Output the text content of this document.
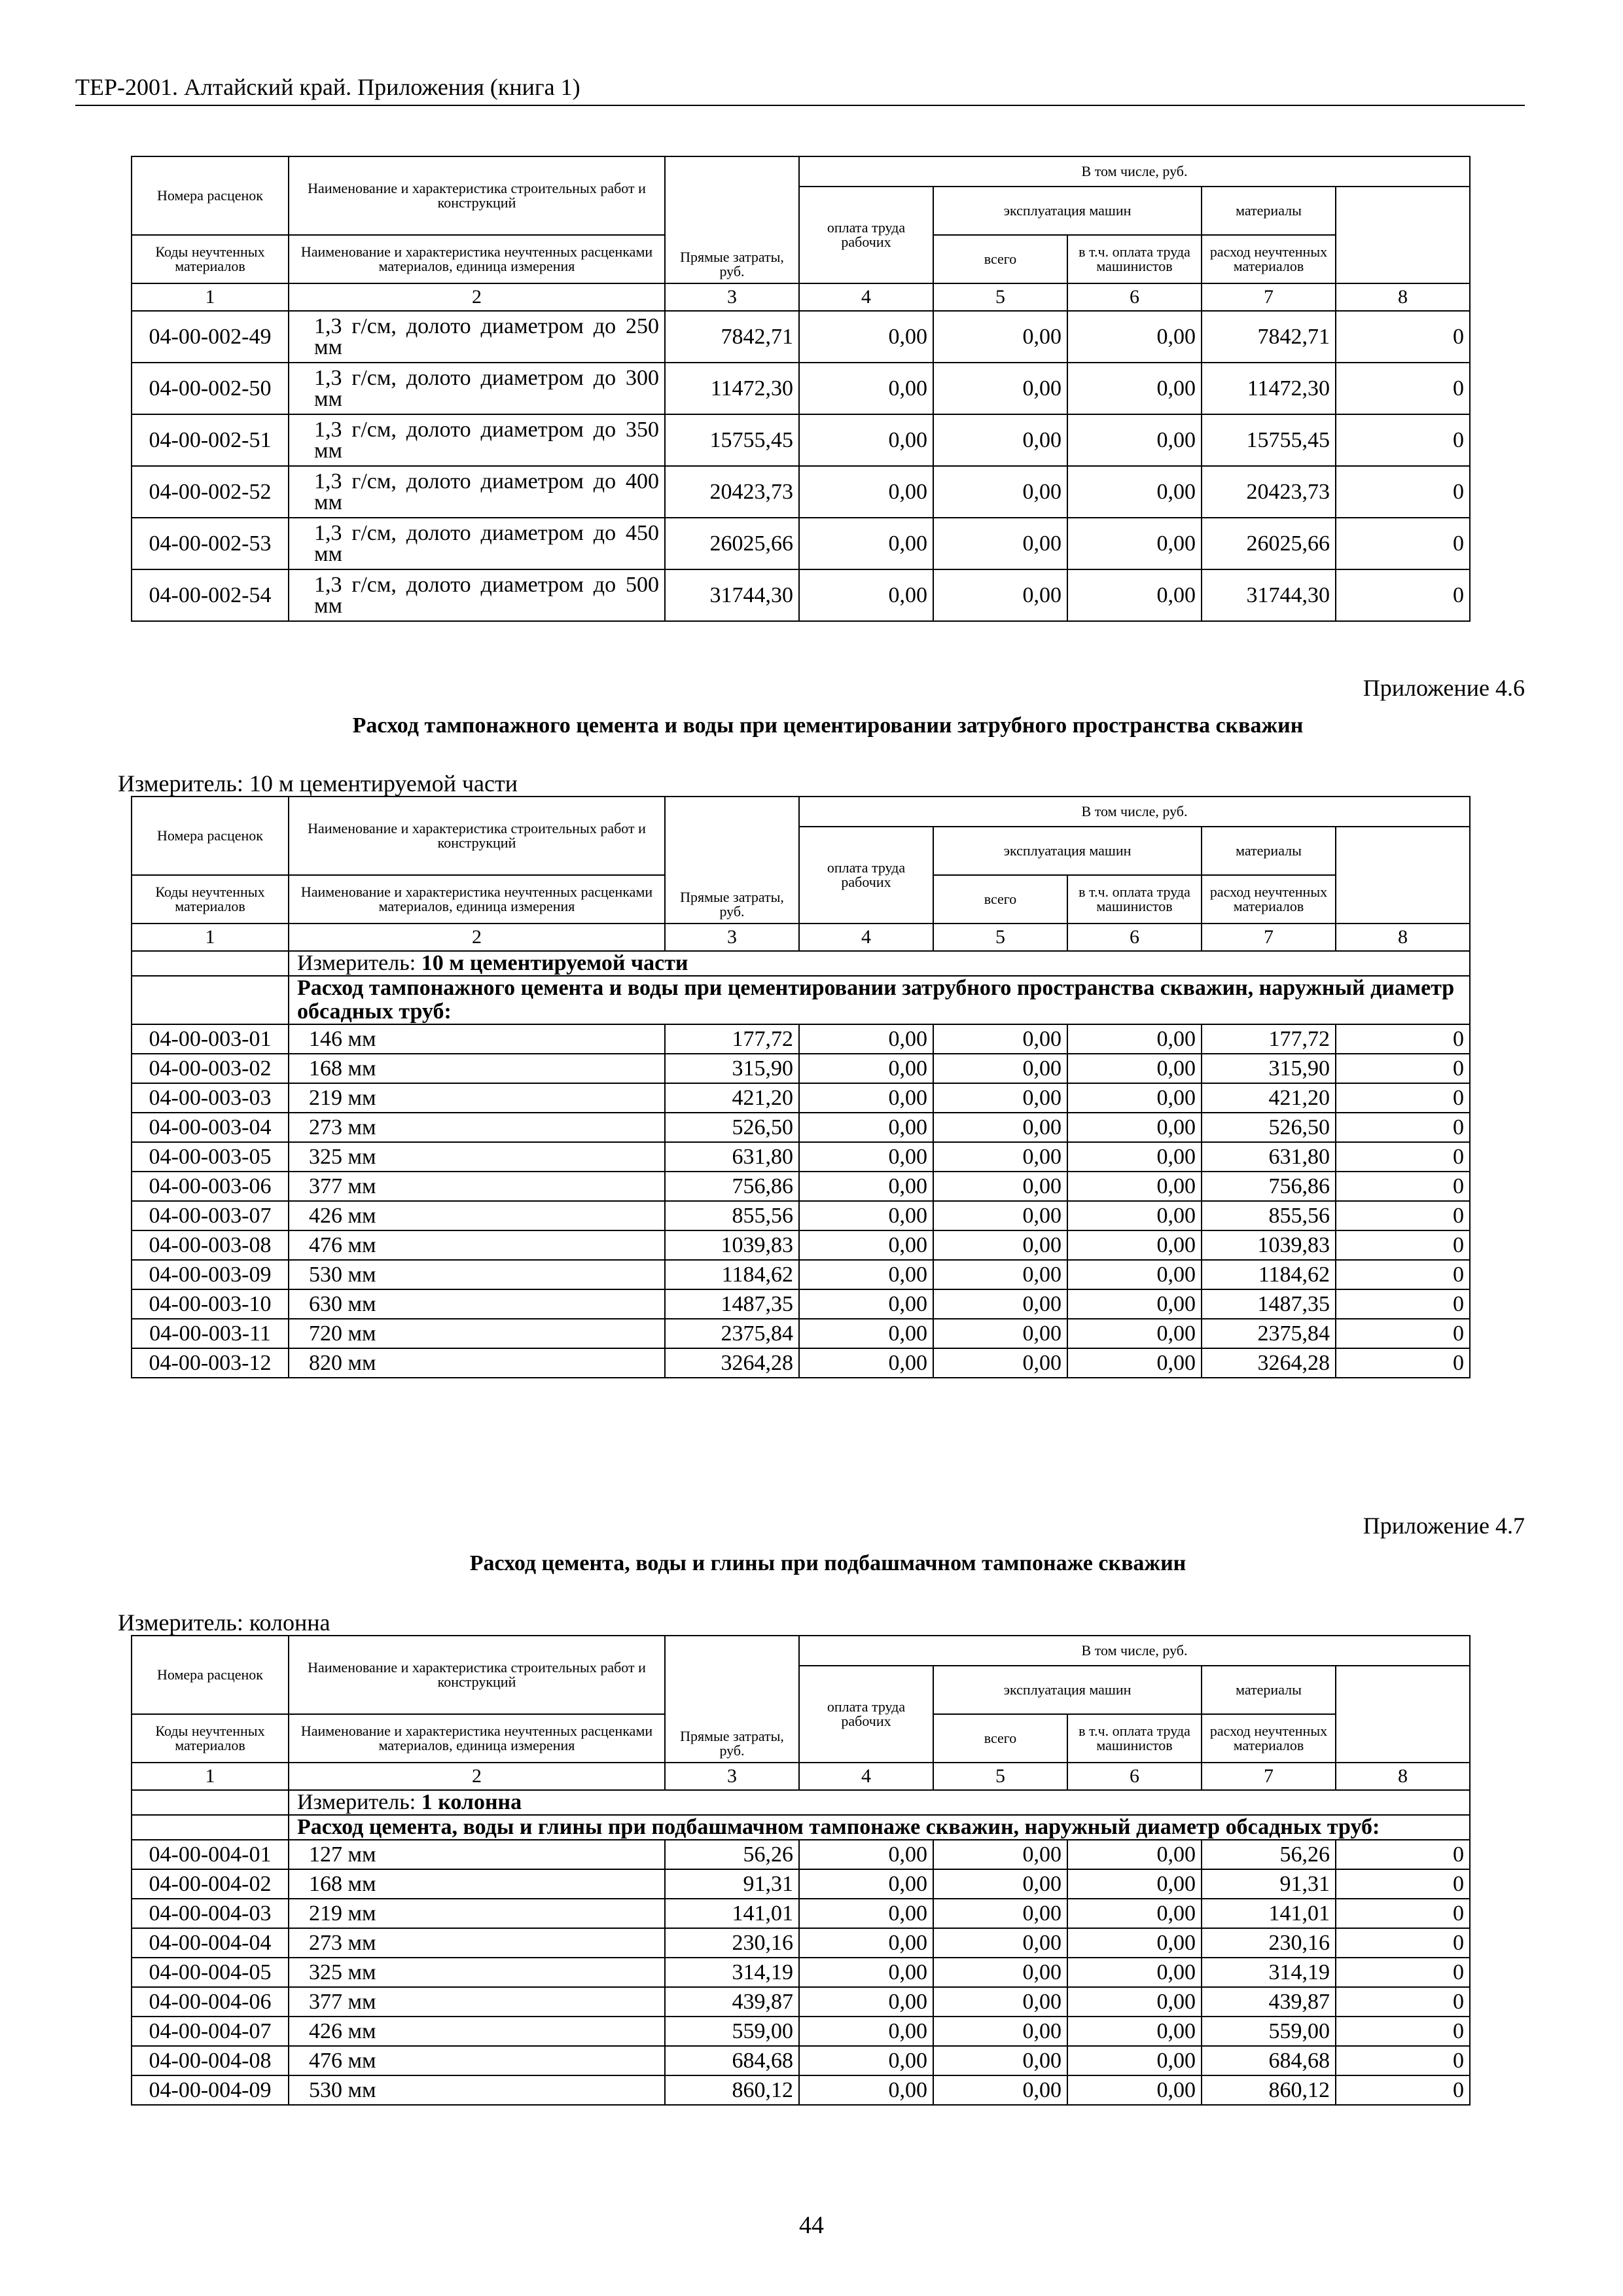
ТЕР-2001. Алтайский край. Приложения (книга 1)
Номера расценок	Наименование и характеристика строительных работ и конструкций	Прямые затраты, руб.	В том числе, руб.	
			оплата труда рабочих	эксплуатация машин		материалы		
Коды неучтенных материалов	Наименование и характеристика неучтенных расценками материалов, единица измерения			всего	в т.ч. оплата труда машинистов	расход неучтенных материалов		
1	2	3	4	5	6	7	8	
04-00-002-49	1,3 г/см, долото диаметром до 250 мм	7842,71	0,00	0,00	0,00	7842,71	0	
04-00-002-50	1,3 г/см, долото диаметром до 300 мм	11472,30	0,00	0,00	0,00	11472,30	0	
04-00-002-51	1,3 г/см, долото диаметром до 350 мм	15755,45	0,00	0,00	0,00	15755,45	0	
04-00-002-52	1,3 г/см, долото диаметром до 400 мм	20423,73	0,00	0,00	0,00	20423,73	0	
04-00-002-53	1,3 г/см, долото диаметром до 450 мм	26025,66	0,00	0,00	0,00	26025,66	0	
04-00-002-54	1,3 г/см, долото диаметром до 500 мм	31744,30	0,00	0,00	0,00	31744,30	0	
Приложение 4.6
Расход тампонажного цемента и воды при цементировании затрубного пространства скважин
Измеритель: 10 м цементируемой части
Номера расценок	Наименование и характеристика строительных работ и конструкций	Прямые затраты, руб.	В том числе, руб.	
			оплата труда рабочих	эксплуатация машин		материалы		
Коды неучтенных материалов	Наименование и характеристика неучтенных расценками материалов, единица измерения			всего	в т.ч. оплата труда машинистов	расход неучтенных материалов		
1	2	3	4	5	6	7	8	
	Измеритель: 10 м цементируемой части							
	Расход тампонажного цемента и воды при цементировании затрубного пространства скважин, наружный диаметр обсадных труб:							
04-00-003-01	146 мм	177,72	0,00	0,00	0,00	177,72	0	
04-00-003-02	168 мм	315,90	0,00	0,00	0,00	315,90	0	
04-00-003-03	219 мм	421,20	0,00	0,00	0,00	421,20	0	
04-00-003-04	273 мм	526,50	0,00	0,00	0,00	526,50	0	
04-00-003-05	325 мм	631,80	0,00	0,00	0,00	631,80	0	
04-00-003-06	377 мм	756,86	0,00	0,00	0,00	756,86	0	
04-00-003-07	426 мм	855,56	0,00	0,00	0,00	855,56	0	
04-00-003-08	476 мм	1039,83	0,00	0,00	0,00	1039,83	0	
04-00-003-09	530 мм	1184,62	0,00	0,00	0,00	1184,62	0	
04-00-003-10	630 мм	1487,35	0,00	0,00	0,00	1487,35	0	
04-00-003-11	720 мм	2375,84	0,00	0,00	0,00	2375,84	0	
04-00-003-12	820 мм	3264,28	0,00	0,00	0,00	3264,28	0	
Приложение 4.7
Расход цемента, воды и глины при подбашмачном тампонаже скважин
Измеритель: колонна
Номера расценок	Наименование и характеристика строительных работ и конструкций	Прямые затраты, руб.	В том числе, руб.	
			оплата труда рабочих	эксплуатация машин		материалы		
Коды неучтенных материалов	Наименование и характеристика неучтенных расценками материалов, единица измерения			всего	в т.ч. оплата труда машинистов	расход неучтенных материалов		
1	2	3	4	5	6	7	8	
	Измеритель: 1 колонна							
	Расход цемента, воды и глины при подбашмачном тампонаже скважин, наружный диаметр обсадных труб:							
04-00-004-01	127 мм	56,26	0,00	0,00	0,00	56,26	0	
04-00-004-02	168 мм	91,31	0,00	0,00	0,00	91,31	0	
04-00-004-03	219 мм	141,01	0,00	0,00	0,00	141,01	0	
04-00-004-04	273 мм	230,16	0,00	0,00	0,00	230,16	0	
04-00-004-05	325 мм	314,19	0,00	0,00	0,00	314,19	0	
04-00-004-06	377 мм	439,87	0,00	0,00	0,00	439,87	0	
04-00-004-07	426 мм	559,00	0,00	0,00	0,00	559,00	0	
04-00-004-08	476 мм	684,68	0,00	0,00	0,00	684,68	0	
04-00-004-09	530 мм	860,12	0,00	0,00	0,00	860,12	0	
44
